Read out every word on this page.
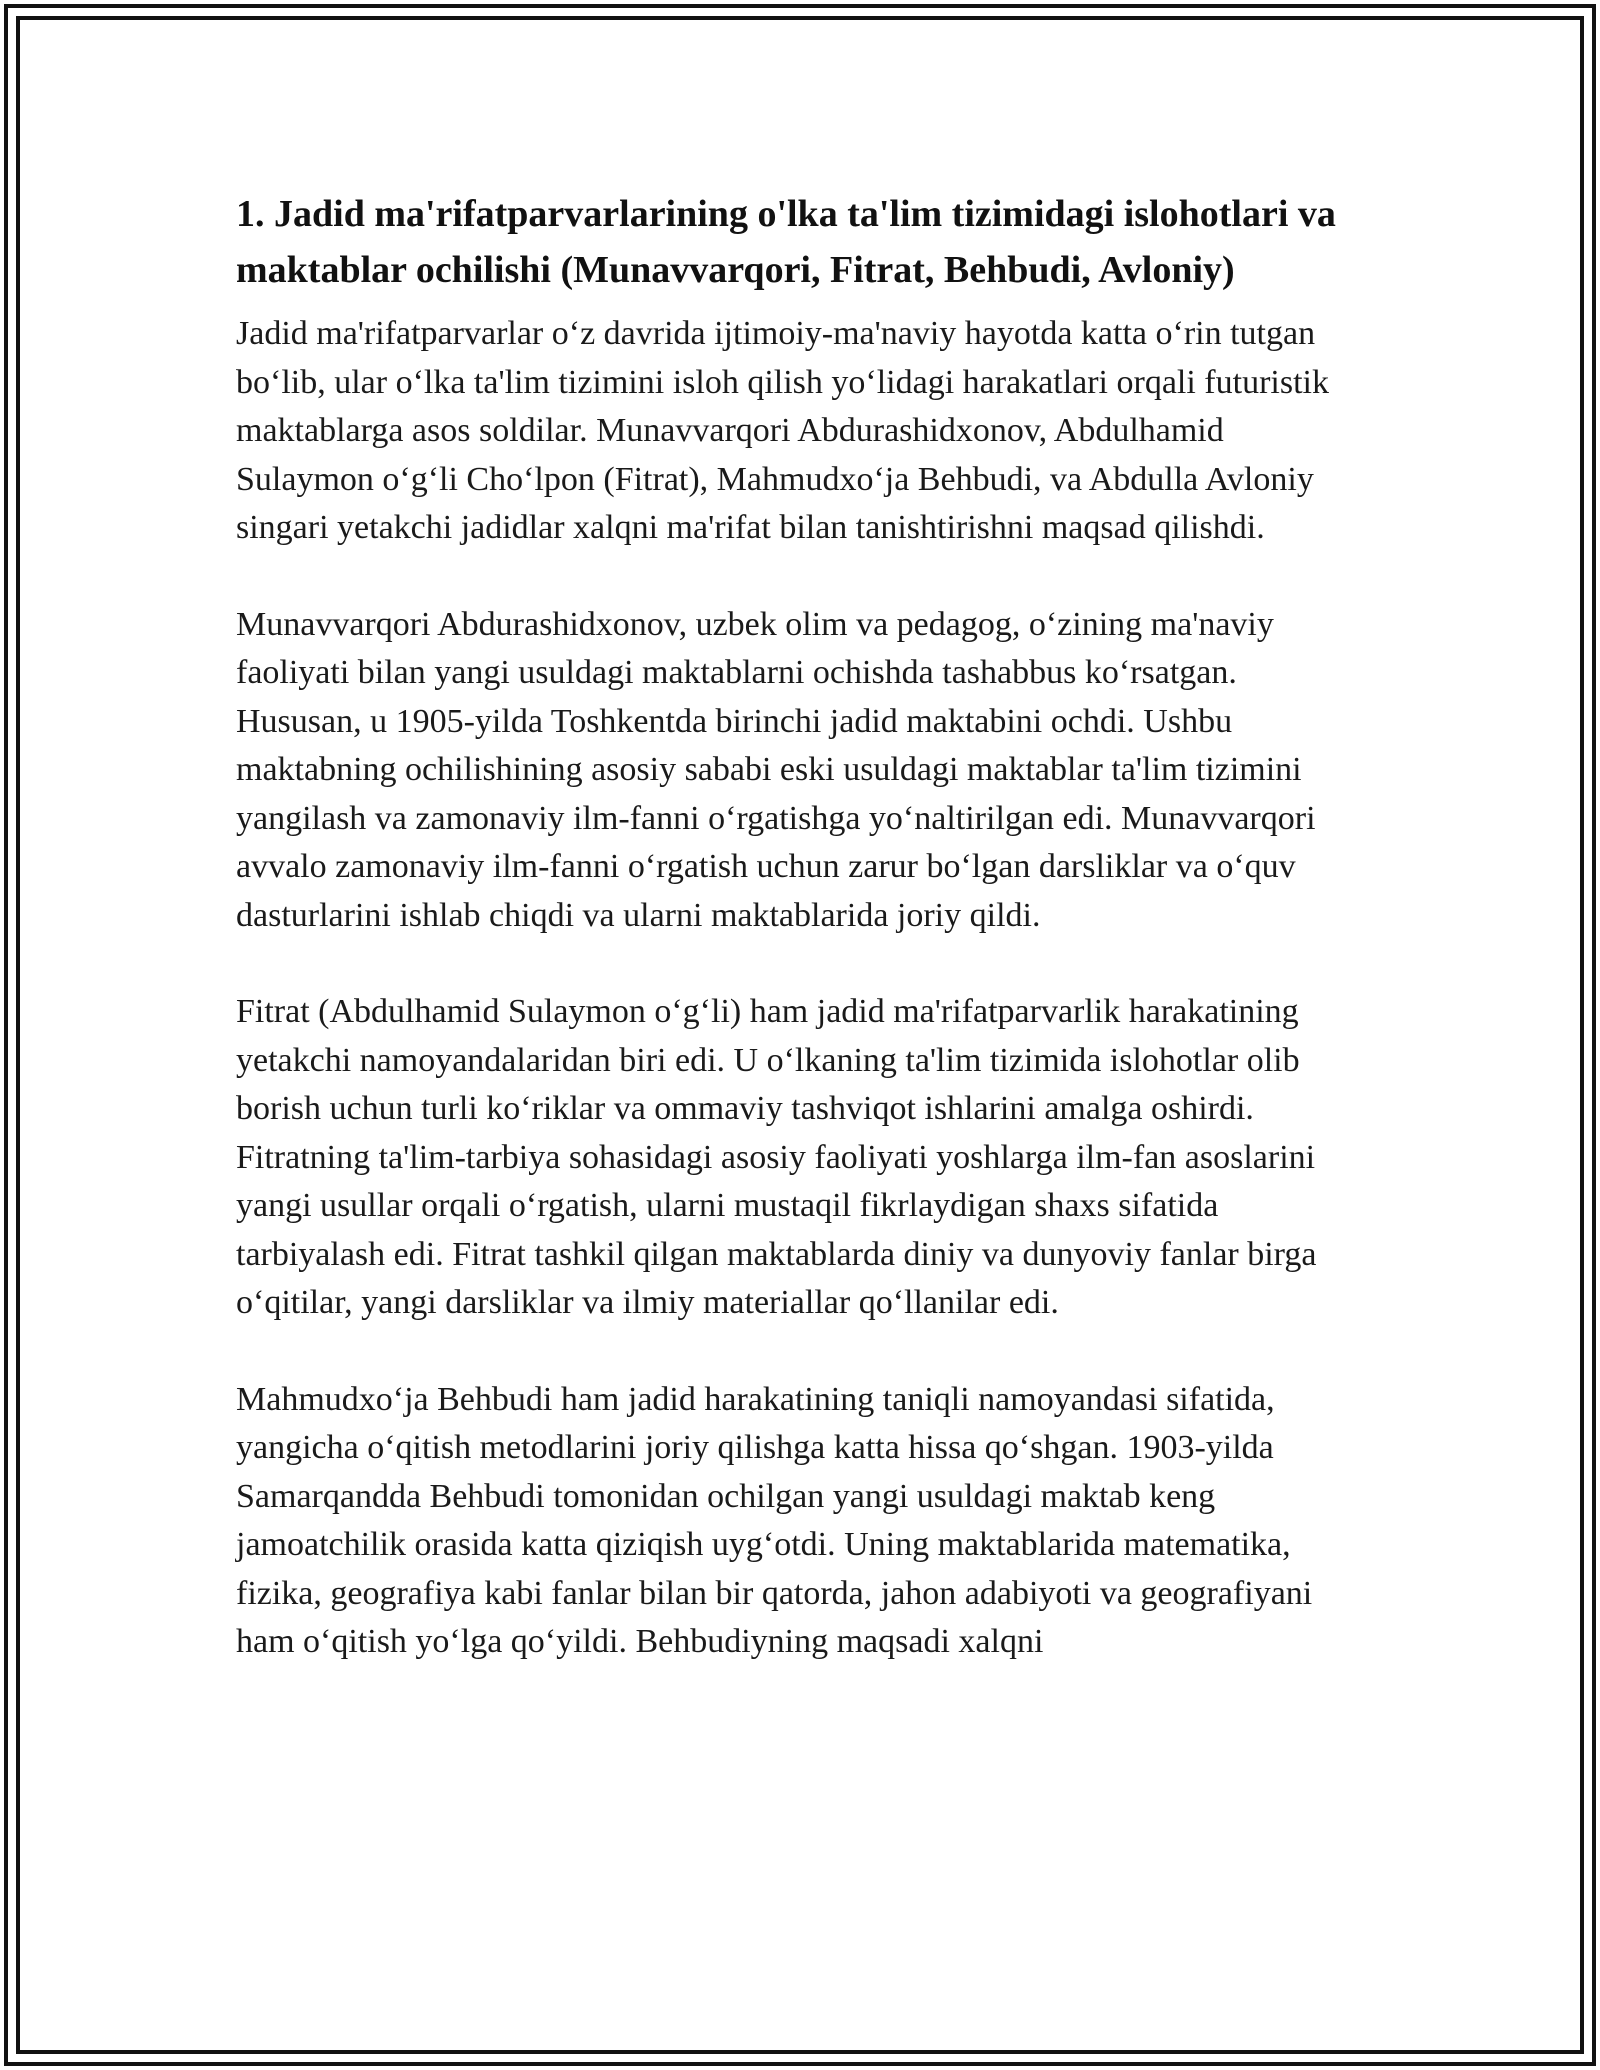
1. Jadid ma'rifatparvarlarining o'lka ta'lim tizimidagi islohotlari va maktablar ochilishi (Munavvarqori, Fitrat, Behbudi, Avloniy)

Jadid ma'rifatparvarlar o‘z davrida ijtimoiy-ma'naviy hayotda katta o‘rin tutgan bo‘lib, ular o‘lka ta'lim tizimini isloh qilish yo‘lidagi harakatlari orqali futuristik maktablarga asos soldilar. Munavvarqori Abdurashidxonov, Abdulhamid Sulaymon o‘g‘li Cho‘lpon (Fitrat), Mahmudxo‘ja Behbudi, va Abdulla Avloniy singari yetakchi jadidlar xalqni ma'rifat bilan tanishtirishni maqsad qilishdi.

Munavvarqori Abdurashidxonov, uzbek olim va pedagog, o‘zining ma'naviy faoliyati bilan yangi usuldagi maktablarni ochishda tashabbus ko‘rsatgan. Hususan, u 1905-yilda Toshkentda birinchi jadid maktabini ochdi. Ushbu maktabning ochilishining asosiy sababi eski usuldagi maktablar ta'lim tizimini yangilash va zamonaviy ilm-fanni o‘rgatishga yo‘naltirilgan edi. Munavvarqori avvalo zamonaviy ilm-fanni o‘rgatish uchun zarur bo‘lgan darsliklar va o‘quv dasturlarini ishlab chiqdi va ularni maktablarida joriy qildi.

Fitrat (Abdulhamid Sulaymon o‘g‘li) ham jadid ma'rifatparvarlik harakatining yetakchi namoyandalaridan biri edi. U o‘lkaning ta'lim tizimida islohotlar olib borish uchun turli ko‘riklar va ommaviy tashviqot ishlarini amalga oshirdi. Fitratning ta'lim-tarbiya sohasidagi asosiy faoliyati yoshlarga ilm-fan asoslarini yangi usullar orqali o‘rgatish, ularni mustaqil fikrlaydigan shaxs sifatida tarbiyalash edi. Fitrat tashkil qilgan maktablarda diniy va dunyoviy fanlar birga o‘qitilar, yangi darsliklar va ilmiy materiallar qo‘llanilar edi.

Mahmudxo‘ja Behbudi ham jadid harakatining taniqli namoyandasi sifatida, yangicha o‘qitish metodlarini joriy qilishga katta hissa qo‘shgan. 1903-yilda Samarqandda Behbudi tomonidan ochilgan yangi usuldagi maktab keng jamoatchilik orasida katta qiziqish uyg‘otdi. Uning maktablarida matematika, fizika, geografiya kabi fanlar bilan bir qatorda, jahon adabiyoti va geografiyani ham o‘qitish yo‘lga qo‘yildi. Behbudiyning maqsadi xalqni
